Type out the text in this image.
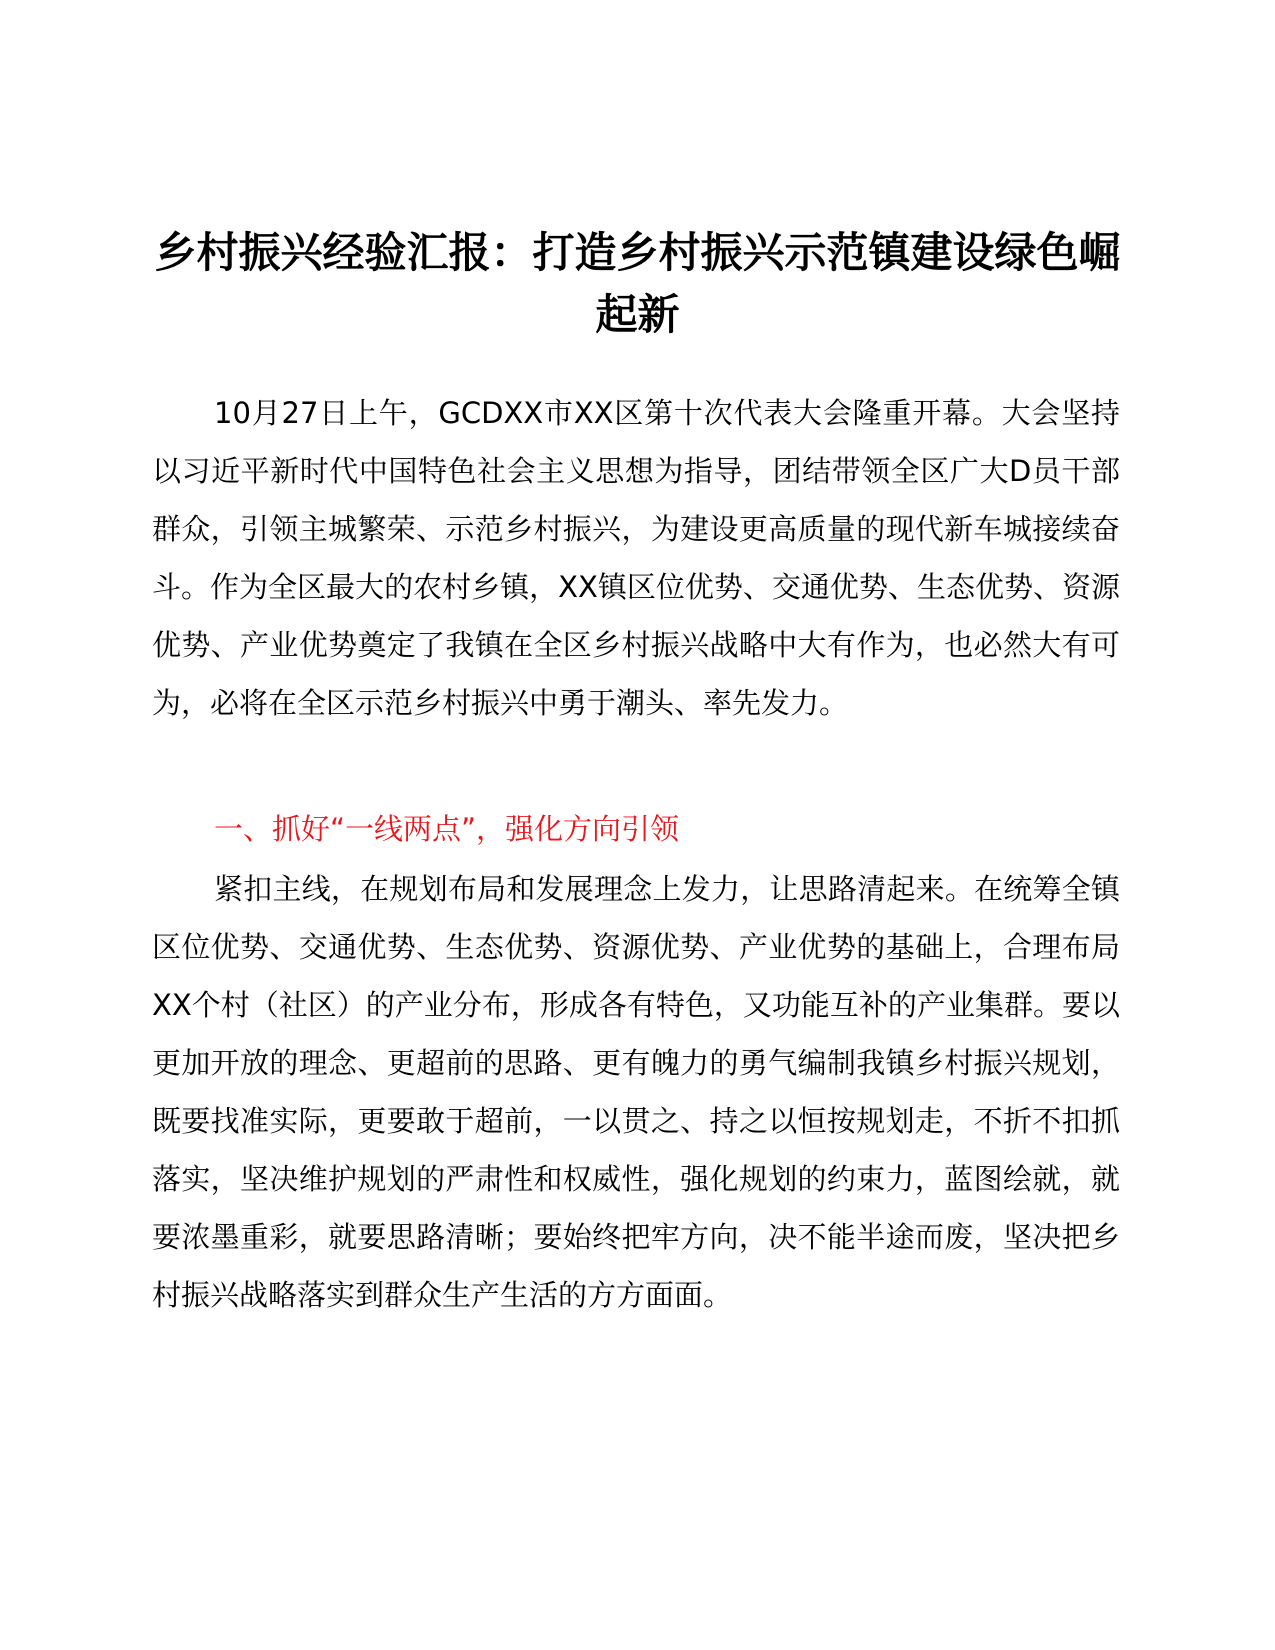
乡村振兴经验汇报：打造乡村振兴示范镇建设绿色崛起新

10月27日上午，GCDXX市XX区第十次代表大会隆重开幕。大会坚持以习近平新时代中国特色社会主义思想为指导，团结带领全区广大D员干部群众，引领主城繁荣、示范乡村振兴，为建设更高质量的现代新车城接续奋斗。作为全区最大的农村乡镇，XX镇区位优势、交通优势、生态优势、资源优势、产业优势奠定了我镇在全区乡村振兴战略中大有作为，也必然大有可为，必将在全区示范乡村振兴中勇于潮头、率先发力。

一、抓好“一线两点”，强化方向引领

紧扣主线，在规划布局和发展理念上发力，让思路清起来。在统筹全镇区位优势、交通优势、生态优势、资源优势、产业优势的基础上，合理布局XX个村（社区）的产业分布，形成各有特色，又功能互补的产业集群。要以更加开放的理念、更超前的思路、更有魄力的勇气编制我镇乡村振兴规划，既要找准实际，更要敢于超前，一以贯之、持之以恒按规划走，不折不扣抓落实，坚决维护规划的严肃性和权威性，强化规划的约束力，蓝图绘就，就要浓墨重彩，就要思路清晰；要始终把牢方向，决不能半途而废，坚决把乡村振兴战略落实到群众生产生活的方方面面。
